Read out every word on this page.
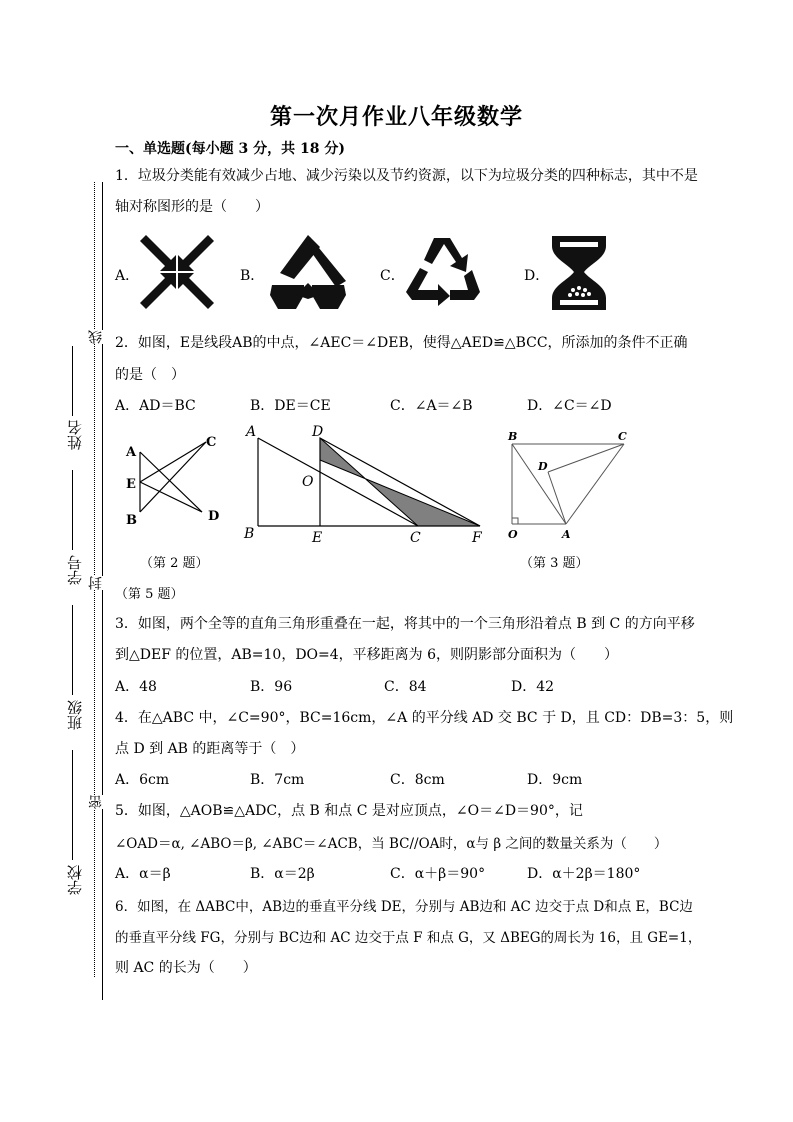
线
封
密
姓名
学号
班级
学校
第一次月作业八年级数学
一、单选题(每小题 3 分，共 18 分)
1．垃圾分类能有效减少占地、减少污染以及节约资源，以下为垃圾分类的四种标志，其中不是
轴对称图形的是（　　）
A．	B．	C．	D．
2．如图，E是线段AB的中点，∠AEC＝∠DEB，使得△AED≌△BCC，所添加的条件不正确
的是（　）
A．AD＝BC	B．DE＝CE	C．∠A＝∠B	D．∠C＝∠D
A
E
B
C
D
（第 2 题）
A	D
O
B	E	C	F
B	C
D
O	A
（第 3 题）
（第 5 题）
3．如图，两个全等的直角三角形重叠在一起，将其中的一个三角形沿着点 B 到 C 的方向平移
到△DEF 的位置，AB=10，DO=4，平移距离为 6，则阴影部分面积为（　　）
A．48	B．96	C．84	D．42
4．在△ABC 中，∠C=90°，BC=16cm，∠A 的平分线 AD 交 BC 于 D，且 CD：DB=3：5，则
点 D 到 AB 的距离等于（　）
A．6cm	B．7cm	C．8cm	D．9cm
5．如图，△AOB≌△ADC，点 B 和点 C 是对应顶点，∠O＝∠D＝90°，记
∠OAD＝α, ∠ABO＝β, ∠ABC＝∠ACB，当 BC//OA时，α与 β 之间的数量关系为（　　）
A．α＝β	B．α＝2β	C．α＋β＝90°	D．α＋2β＝180°
6．如图，在 ΔABC中，AB边的垂直平分线 DE，分别与 AB边和 AC 边交于点 D和点 E，BC边
的垂直平分线 FG，分别与 BC边和 AC 边交于点 F 和点 G，又 ΔBEG的周长为 16，且 GE=1，
则 AC 的长为（　　）
